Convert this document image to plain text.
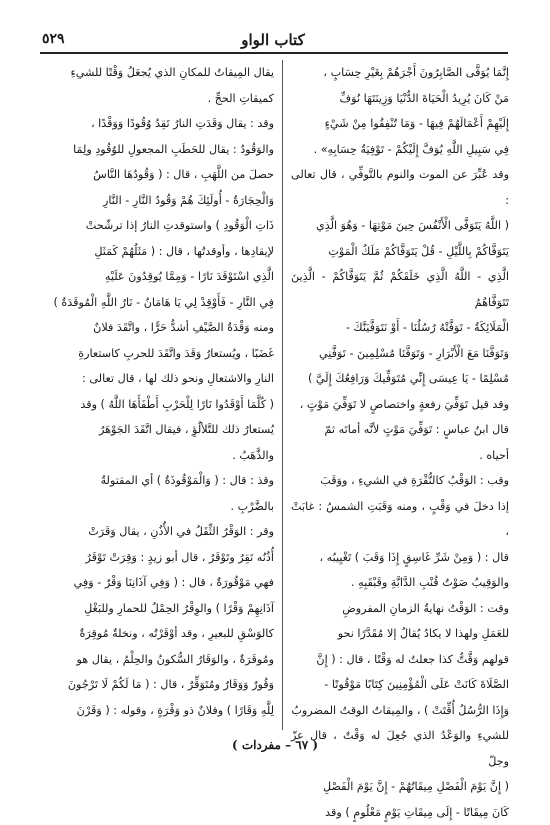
كتاب الواو
٥٢٩
إِنَّمَا يُوَفَّى الصَّابِرُونَ أَجْرَهُمْ بِغَيْرِ حِسَابٍ ،
مَنْ كَانَ يُرِيدُ الْحَيَاةَ الدُّنْيَا وَزِينَتَهَا نُوَفِّ
إِلَيْهِمْ أَعْمَالَهُمْ فِيهَا - وَمَا تُنْفِقُوا مِنْ شَيْءٍ
فِي سَبِيلِ اللَّهِ يُوَفَّ إِلَيْكُمْ - تَوْفِيَةُ حِسَابِهِ» .
وقد عُبِّرَ عن الموت والنوم بالتَّوفِّي ، قال تعالى :
( اللَّهُ يَتَوَفَّى الْأَنْفُسَ حِينَ مَوْتِهَا - وَهُوَ الَّذِي
يَتَوَفَّاكُمْ بِاللَّيْلِ - قُلْ يَتَوَفَّاكُمْ مَلَكُ الْمَوْتِ
الَّذِي - اللَّهُ الَّذِي خَلَقَكُمْ ثُمَّ يَتَوَفَّاكُمْ - الَّذِينَ تَتَوَفَّاهُمُ
الْمَلَائِكَةُ - تَوَفَّتْهُ رُسُلُنَا - أَوْ نَتَوَفَّيَنَّكَ -
وَتَوَفَّنَا مَعَ الْأَبْرَارِ - وَتَوَفَّنَا مُسْلِمِينَ - تَوَفَّنِي
مُسْلِمًا - يَا عِيسَى إِنِّي مُتَوَفِّيكَ وَرَافِعُكَ إِلَيَّ )
وقد قيل تَوَفِّيَ رفعةٍ واختصاصٍ لا تَوَفِّيَ مَوْتٍ ،
قال ابنُ عباسٍ : تَوَفِّيَ مَوْتٍ لأنَّه أماتَه ثمّ
أحياه .
وقب : الوَقْبُ كالنُّقْرَةِ في الشيءِ ، ووَقَبَ
إذا دخلَ في وَقْبٍ ، ومنه وَقَبَتِ الشمسُ : غابَتْ ،
قال : ( وَمِنْ شَرِّ غَاسِقٍ إِذَا وَقَبَ ) تَغْيِيبُه ،
والوَقِيبُ صَوْتُ قُنْبِ الدَّابَّةِ وقَبْقَبِهِ .
وقت : الوَقْتُ نهايةُ الزمانِ المفروضِ
للعَمَلِ ولهذا لا يكادُ يُقالُ إلا مُقَدَّرًا نحو
قولهم وَقَّتُّ كذا جعلتُ له وَقْتًا ، قال : ( إِنَّ
الصَّلَاةَ كَانَتْ عَلَى الْمُؤْمِنِينَ كِتَابًا مَوْقُوتًا -
وَإِذَا الرُّسُلُ أُقِّتَتْ ) ، والمِيقاتُ الوقتُ المضروبُ
للشيءِ والوَعْدُ الذي جُعِلَ له وَقْتٌ ، قال عزّ وجلّ
( إِنَّ يَوْمَ الْفَصْلِ مِيقَاتُهُمْ - إِنَّ يَوْمَ الْفَصْلِ
كَانَ مِيقَاتًا - إِلَى مِيقَاتِ يَوْمٍ مَعْلُومٍ ) وقد
يقال المِيقاتُ للمكانِ الذي يُجعَلُ وَقْتًا للشيءِ
كميقاتِ الحجِّ .
وقد : يقال وَقَدَتِ النارُ تَقِدُ وُقُودًا وَوَقْدًا ،
والوَقُودُ : يقال للحَطَبِ المجعولِ للوُقُودِ ولِمَا
حصلَ من اللَّهَبِ ، قال : ( وَقُودُهَا النَّاسُ
وَالْحِجَارَةُ - أُولَئِكَ هُمْ وَقُودُ النَّارِ - النَّارِ
ذَاتِ الْوَقُودِ ) واستوقدتِ النارُ إذا ترشّحتْ
لإيقادِها ، وأوقدتُها ، قال : ( مَثَلُهُمْ كَمَثَلِ
الَّذِي اسْتَوْقَدَ نَارًا - وَمِمَّا يُوقِدُونَ عَلَيْهِ
فِي النَّارِ - فَأَوْقِدْ لِي يَا هَامَانُ - نَارُ اللَّهِ الْمُوقَدَةُ )
ومنه وَقْدَةُ الصَّيْفِ أشدُّ حَرًّا ، واتَّقَدَ فلانٌ
غَضَبًا ، ويُستعارُ وَقَدَ واتَّقَدَ للحربِ كاستعارةِ
النارِ والاشتعالِ ونحو ذلك لها ، قال تعالى :
( كُلَّمَا أَوْقَدُوا نَارًا لِلْحَرْبِ أَطْفَأَهَا اللَّهُ ) وقد
يُستعارُ ذلك للتَّلألُؤِ ، فيقال اتَّقَدَ الجَوْهَرُ
والذَّهَبُ .
وقذ : قال : ( وَالْمَوْقُوذَةُ ) أي المقتولةُ
بالضَّرْبِ .
وقر : الوَقْرُ الثِّقَلُ في الأُذُنِ ، يقال وَقَرَتْ
أُذُنُه تَقِرُ وتَوْقَرُ ، قال أبو زيدٍ : وَقِرَتْ تَوْقَرُ
فهي مَوْقُورَةٌ ، قال : ( وَفِي آذَانِنَا وَقْرٌ - وَفِي
آذَانِهِمْ وَقْرًا ) والوِقْرُ الحِمْلُ للحمارِ وللبَغْلِ
كالوَسْقِ للبعيرِ ، وقد أوْقَرْتُه ، ونخلةٌ مُوقِرَةٌ
ومُوقَرَةٌ ، والوَقَارُ السُّكونُ والحِلْمُ ، يقال هو
وَقُورٌ وَوَقَارٌ ومُتَوَقِّرٌ ، قال : ( مَا لَكُمْ لَا تَرْجُونَ
لِلَّهِ وَقَارًا ) وفلانٌ ذو وَقْرَةٍ ، وقوله : ( وَقَرْنَ
( ٦٧ – مفردات )
